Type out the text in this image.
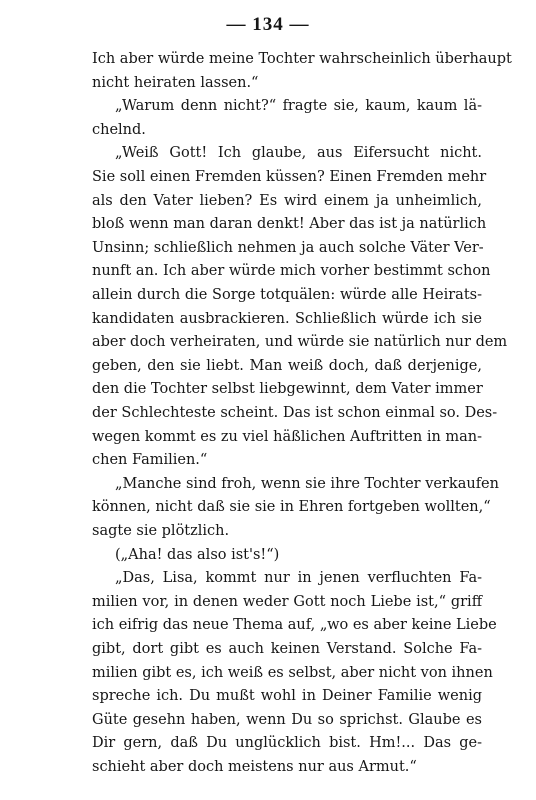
— 134 —
Ich aber würde meine Tochter wahrscheinlich überhaupt
nicht heiraten lassen.“
„Warum denn nicht?“ fragte sie, kaum, kaum lä-
chelnd.
„Weiß Gott! Ich glaube, aus Eifersucht nicht.
Sie soll einen Fremden küssen? Einen Fremden mehr
als den Vater lieben? Es wird einem ja unheimlich,
bloß wenn man daran denkt! Aber das ist ja natürlich
Unsinn; schließlich nehmen ja auch solche Väter Ver-
nunft an. Ich aber würde mich vorher bestimmt schon
allein durch die Sorge totquälen: würde alle Heirats-
kandidaten ausbrackieren. Schließlich würde ich sie
aber doch verheiraten, und würde sie natürlich nur dem
geben, den sie liebt. Man weiß doch, daß derjenige,
den die Tochter selbst liebgewinnt, dem Vater immer
der Schlechteste scheint. Das ist schon einmal so. Des-
wegen kommt es zu viel häßlichen Auftritten in man-
chen Familien.“
„Manche sind froh, wenn sie ihre Tochter verkaufen
können, nicht daß sie sie in Ehren fortgeben wollten,“
sagte sie plötzlich.
(„Aha! das also ist's!“)
„Das, Lisa, kommt nur in jenen verfluchten Fa-
milien vor, in denen weder Gott noch Liebe ist,“ griff
ich eifrig das neue Thema auf, „wo es aber keine Liebe
gibt, dort gibt es auch keinen Verstand. Solche Fa-
milien gibt es, ich weiß es selbst, aber nicht von ihnen
spreche ich. Du mußt wohl in Deiner Familie wenig
Güte gesehn haben, wenn Du so sprichst. Glaube es
Dir gern, daß Du unglücklich bist. Hm!... Das ge-
schieht aber doch meistens nur aus Armut.“
